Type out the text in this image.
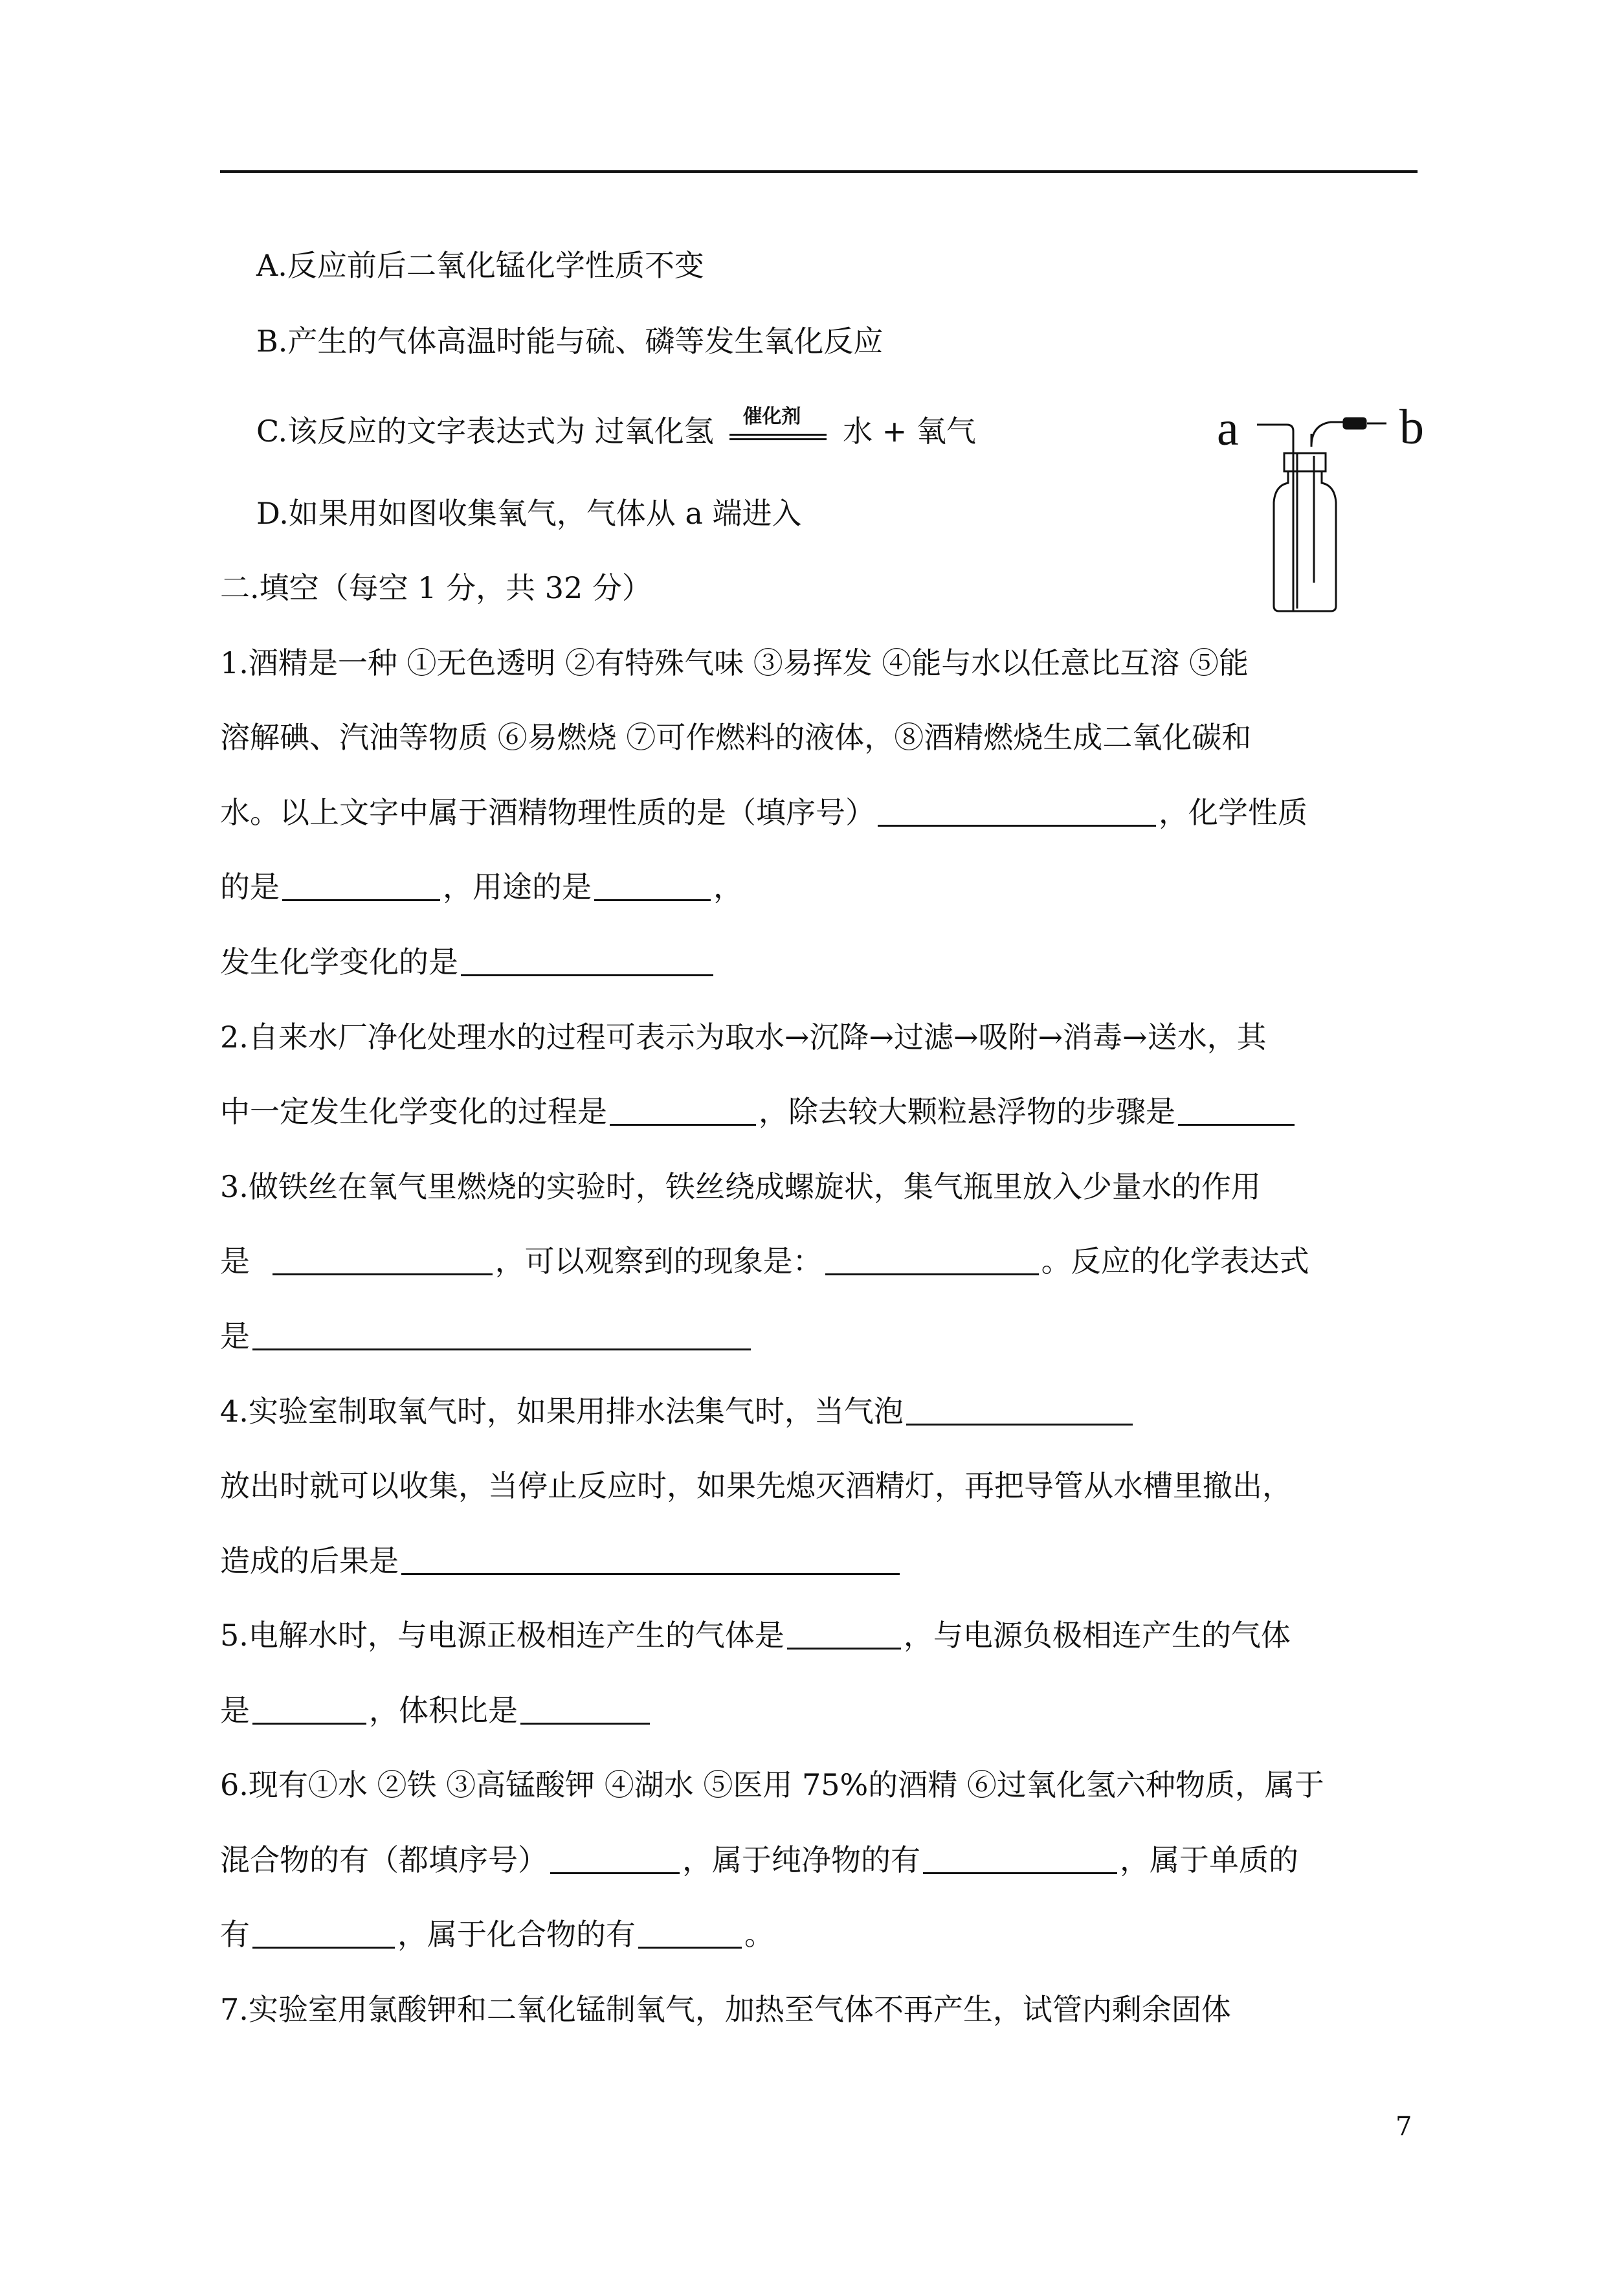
A.反应前后二氧化锰化学性质不变
B.产生的气体高温时能与硫、磷等发生氧化反应
C.该反应的文字表达式为 过氧化氢 催化剂 水 + 氧气
D.如果用如图收集氧气，气体从 a 端进入
a	b
二.填空（每空 1 分，共 32 分）
1.酒精是一种 ①无色透明 ②有特殊气味 ③易挥发 ④能与水以任意比互溶 ⑤能
溶解碘、汽油等物质 ⑥易燃烧 ⑦可作燃料的液体，⑧酒精燃烧生成二氧化碳和
水。以上文字中属于酒精物理性质的是（填序号）	，化学性质
的是	，用途的是	，
发生化学变化的是
2.自来水厂净化处理水的过程可表示为取水→沉降→过滤→吸附→消毒→送水，其
中一定发生化学变化的过程是	，除去较大颗粒悬浮物的步骤是
3.做铁丝在氧气里燃烧的实验时，铁丝绕成螺旋状，集气瓶里放入少量水的作用
是	，可以观察到的现象是：	。反应的化学表达式
是
4.实验室制取氧气时，如果用排水法集气时，当气泡
放出时就可以收集，当停止反应时，如果先熄灭酒精灯，再把导管从水槽里撤出，
造成的后果是
5.电解水时，与电源正极相连产生的气体是	，与电源负极相连产生的气体
是	，体积比是
6.现有①水 ②铁 ③高锰酸钾 ④湖水 ⑤医用 75%的酒精 ⑥过氧化氢六种物质，属于
混合物的有（都填序号）	，属于纯净物的有	，属于单质的
有	，属于化合物的有	。
7.实验室用氯酸钾和二氧化锰制氧气，加热至气体不再产生，试管内剩余固体
7
